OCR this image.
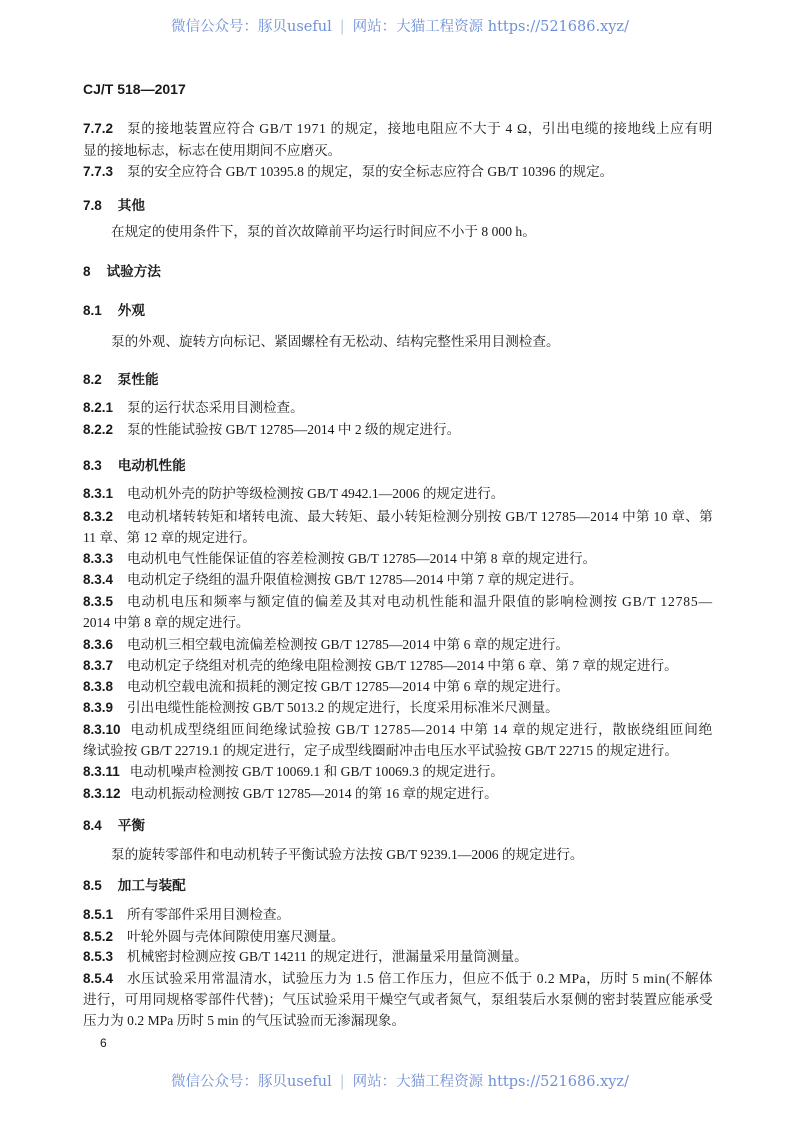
微信公众号：豚贝useful | 网站：大猫工程资源 https://521686.xyz/
CJ/T 518—2017
7.7.2 泵的接地装置应符合 GB/T 1971 的规定，接地电阻应不大于 4 Ω，引出电缆的接地线上应有明
显的接地标志，标志在使用期间不应磨灭。
7.7.3 泵的安全应符合 GB/T 10395.8 的规定，泵的安全标志应符合 GB/T 10396 的规定。
7.8 其他
在规定的使用条件下，泵的首次故障前平均运行时间应不小于 8 000 h。
8 试验方法
8.1 外观
泵的外观、旋转方向标记、紧固螺栓有无松动、结构完整性采用目测检查。
8.2 泵性能
8.2.1 泵的运行状态采用目测检查。
8.2.2 泵的性能试验按 GB/T 12785—2014 中 2 级的规定进行。
8.3 电动机性能
8.3.1 电动机外壳的防护等级检测按 GB/T 4942.1—2006 的规定进行。
8.3.2 电动机堵转转矩和堵转电流、最大转矩、最小转矩检测分别按 GB/T 12785—2014 中第 10 章、第
11 章、第 12 章的规定进行。
8.3.3 电动机电气性能保证值的容差检测按 GB/T 12785—2014 中第 8 章的规定进行。
8.3.4 电动机定子绕组的温升限值检测按 GB/T 12785—2014 中第 7 章的规定进行。
8.3.5 电动机电压和频率与额定值的偏差及其对电动机性能和温升限值的影响检测按 GB/T 12785—
2014 中第 8 章的规定进行。
8.3.6 电动机三相空载电流偏差检测按 GB/T 12785—2014 中第 6 章的规定进行。
8.3.7 电动机定子绕组对机壳的绝缘电阻检测按 GB/T 12785—2014 中第 6 章、第 7 章的规定进行。
8.3.8 电动机空载电流和损耗的测定按 GB/T 12785—2014 中第 6 章的规定进行。
8.3.9 引出电缆性能检测按 GB/T 5013.2 的规定进行，长度采用标准米尺测量。
8.3.10 电动机成型绕组匝间绝缘试验按 GB/T 12785—2014 中第 14 章的规定进行，散嵌绕组匝间绝
缘试验按 GB/T 22719.1 的规定进行，定子成型线圈耐冲击电压水平试验按 GB/T 22715 的规定进行。
8.3.11 电动机噪声检测按 GB/T 10069.1 和 GB/T 10069.3 的规定进行。
8.3.12 电动机振动检测按 GB/T 12785—2014 的第 16 章的规定进行。
8.4 平衡
泵的旋转零部件和电动机转子平衡试验方法按 GB/T 9239.1—2006 的规定进行。
8.5 加工与装配
8.5.1 所有零部件采用目测检查。
8.5.2 叶轮外圆与壳体间隙使用塞尺测量。
8.5.3 机械密封检测应按 GB/T 14211 的规定进行，泄漏量采用量筒测量。
8.5.4 水压试验采用常温清水，试验压力为 1.5 倍工作压力，但应不低于 0.2 MPa，历时 5 min(不解体
进行，可用同规格零部件代替)；气压试验采用干燥空气或者氮气，泵组装后水泵侧的密封装置应能承受
压力为 0.2 MPa 历时 5 min 的气压试验而无渗漏现象。
6
微信公众号：豚贝useful | 网站：大猫工程资源 https://521686.xyz/
